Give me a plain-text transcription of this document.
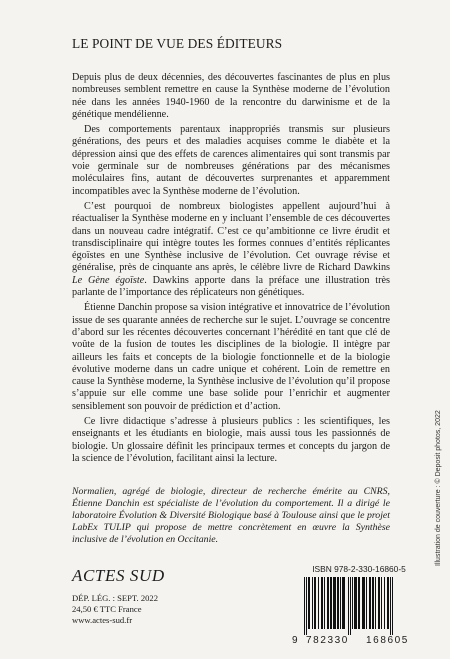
LE POINT DE VUE DES ÉDITEURS

Depuis plus de deux décennies, des découvertes fascinantes de plus en plus nombreuses semblent remettre en cause la Synthèse moderne de l’évolution née dans les années 1940-1960 de la rencontre du darwinisme et de la génétique mendélienne.

Des comportements parentaux inappropriés transmis sur plusieurs générations, des peurs et des maladies acquises comme le diabète et la dépression ainsi que des effets de carences alimentaires qui sont transmis par voie germinale sur de nombreuses générations par des mécanismes moléculaires fins, autant de découvertes surprenantes et apparemment incompatibles avec la Synthèse moderne de l’évolution.

C’est pourquoi de nombreux biologistes appellent aujourd’hui à réactualiser la Synthèse moderne en y incluant l’ensemble de ces découvertes dans un nouveau cadre intégratif. C’est ce qu’ambitionne ce livre érudit et transdisciplinaire qui intègre toutes les formes connues d’entités réplicantes égoïstes en une Synthèse inclusive de l’évolution. Cet ouvrage révise et généralise, près de cinquante ans après, le célèbre livre de Richard Dawkins Le Gène égoïste. Dawkins apporte dans la préface une illustration très parlante de l’importance des réplicateurs non génétiques.

Étienne Danchin propose sa vision intégrative et innovatrice de l’évolution issue de ses quarante années de recherche sur le sujet. L’ouvrage se concentre d’abord sur les récentes découvertes concernant l’hérédité en tant que clé de voûte de la fusion de toutes les disciplines de la biologie. Il intègre par ailleurs les faits et concepts de la biologie fonctionnelle et de la biologie évolutive moderne dans un cadre unique et cohérent. Loin de remettre en cause la Synthèse moderne, la Synthèse inclusive de l’évolution qu’il propose s’appuie sur elle comme une base solide pour l’enrichir et augmenter sensiblement son pouvoir de prédiction et d’action.

Ce livre didactique s’adresse à plusieurs publics : les scientifiques, les enseignants et les étudiants en biologie, mais aussi tous les passionnés de biologie. Un glossaire définit les principaux termes et concepts du jargon de la science de l’évolution, facilitant ainsi la lecture.

Normalien, agrégé de biologie, directeur de recherche émérite au CNRS, Étienne Danchin est spécialiste de l’évolution du comportement. Il a dirigé le laboratoire Évolution & Diversité Biologique basé à Toulouse ainsi que le projet LabEx TULIP qui propose de mettre concrètement en œuvre la Synthèse inclusive de l’évolution en Occitanie.

ACTES SUD
DÉP. LÉG. : SEPT. 2022
24,50 € TTC France
www.actes-sud.fr
ISBN 978-2-330-16860-5
9 782330 168605
Illustration de couverture : © Deposit photos, 2022
